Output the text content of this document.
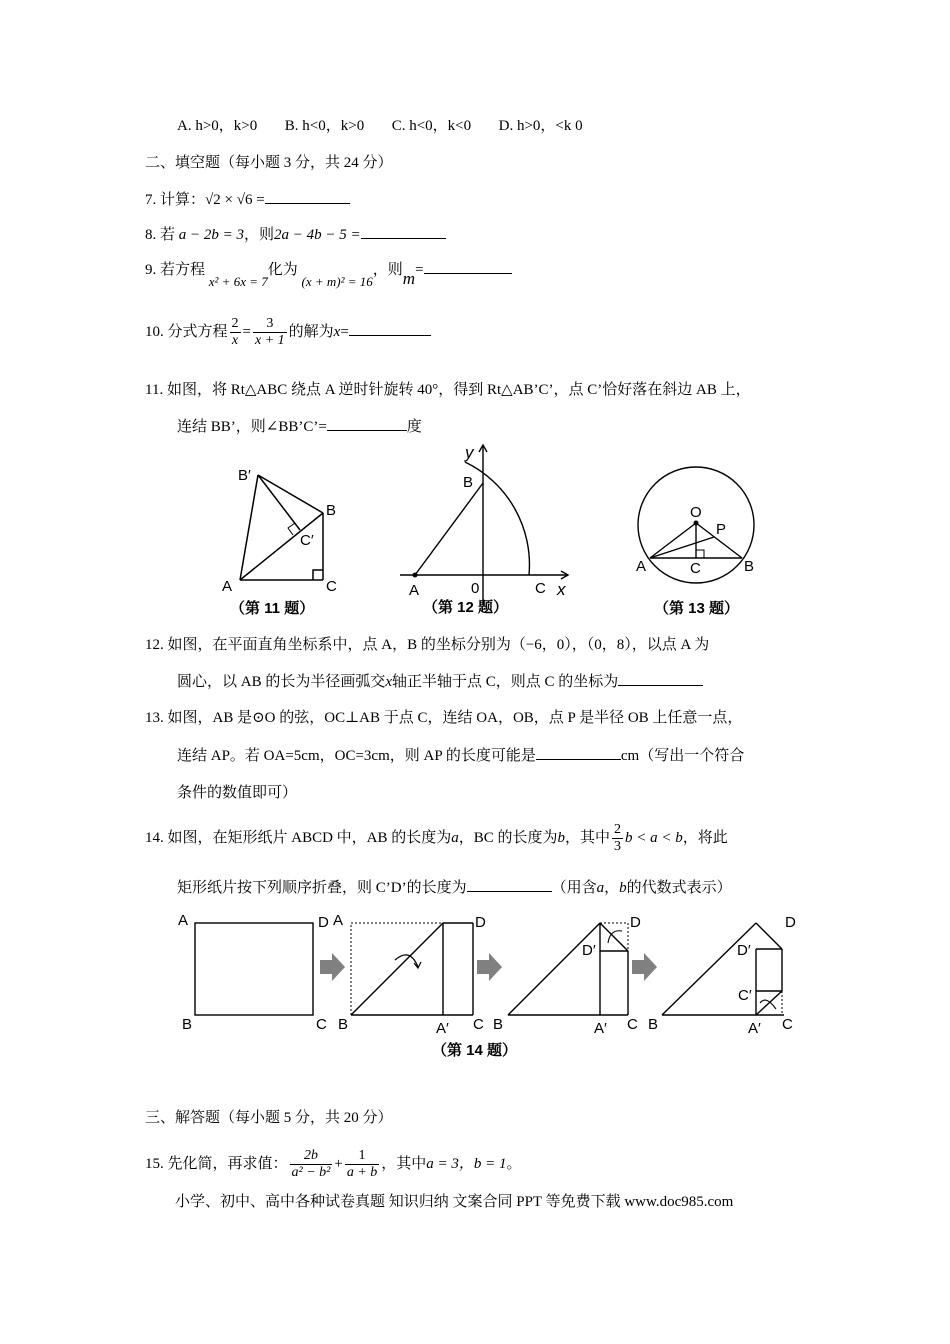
A. h>0，k>0 B. h<0，k>0 C. h<0，k<0 D. h>0，<k 0
二、填空题（每小题 3 分，共 24 分）
7. 计算：√2 × √6 =
8. 若 a − 2b = 3，则2a − 4b − 5 =
9. 若方程 x² + 6x = 7化为 (x + m)² = 16，则m=
10. 分式方程 $\frac{2}{x} = \frac{3}{x + 1}$ 的解为x=
11. 如图，将 Rt△ABC 绕点 A 逆时针旋转 40°，得到 Rt△AB’C’，点 C’恰好落在斜边 AB 上，
连结 BB’，则∠BB’C’=	度
B′
B
C′
A	C
（第 11 题）
y
B
A	0	C x
（第 12 题）
O
P
A	C	B
（第 13 题）
12. 如图，在平面直角坐标系中，点 A，B 的坐标分别为（−6，0），（0，8），以点 A 为
圆心，以 AB 的长为半径画弧交x轴正半轴于点 C，则点 C 的坐标为
13. 如图，AB 是⊙O 的弦，OC⊥AB 于点 C，连结 OA，OB，点 P 是半径 OB 上任意一点，
连结 AP。若 OA=5cm，OC=3cm，则 AP 的长度可能是	cm（写出一个符合
条件的数值即可）
14. 如图，在矩形纸片 ABCD 中，AB 的长度为a，BC 的长度为b，其中 $\frac{2}{3}$ b < a < b，将此
矩形纸片按下列顺序折叠，则 C’D’的长度为	（用含a，b的代数式表示）
A	D
B	C
A	D
B	A′ C
D
D′
B	A′ C
D
D′
C′
B	A′ C
（第 14 题）
三、解答题（每小题 5 分，共 20 分）
15. 先化简，再求值： $\frac{2b}{\text{a² − b²}} + \frac{1}{a + b}$ ，其中a = 3，b = 1。
小学、初中、高中各种试卷真题 知识归纳 文案合同 PPT 等免费下载 www.doc985.com
